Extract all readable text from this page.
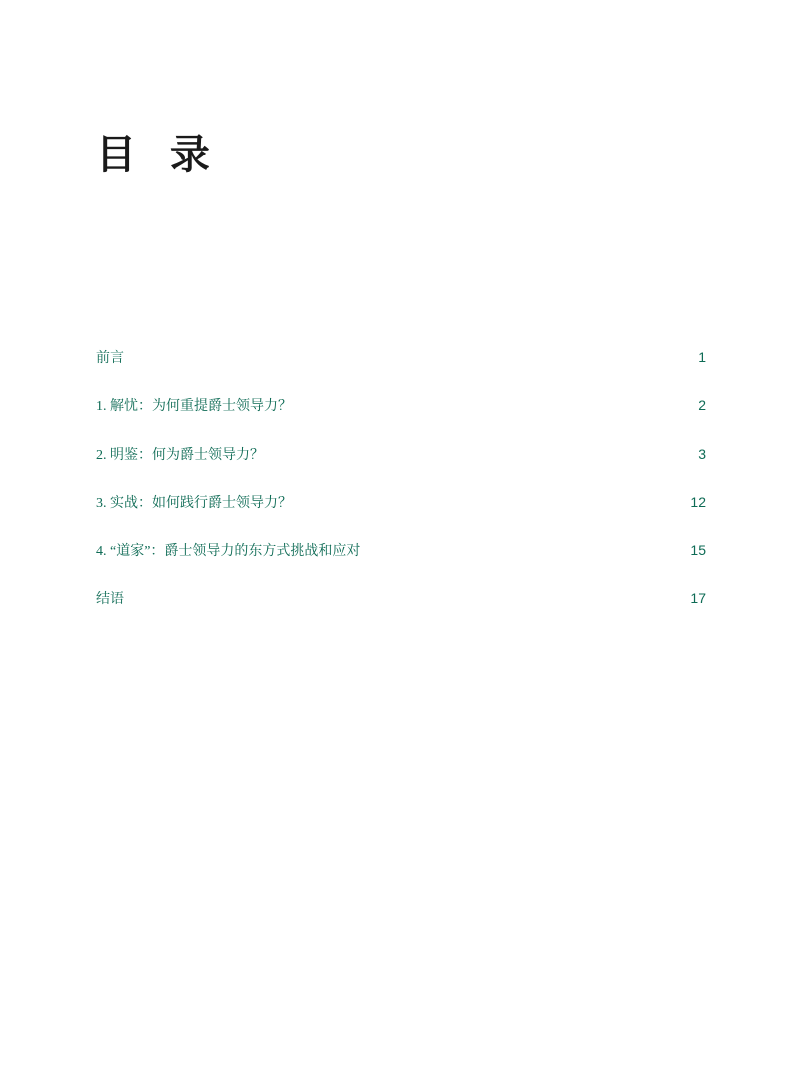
目 录
前言	1
1. 解忧：为何重提爵士领导力？	2
2. 明鉴：何为爵士领导力？	3
3. 实战：如何践行爵士领导力？	12
4. “道家”：爵士领导力的东方式挑战和应对	15
结语	17
